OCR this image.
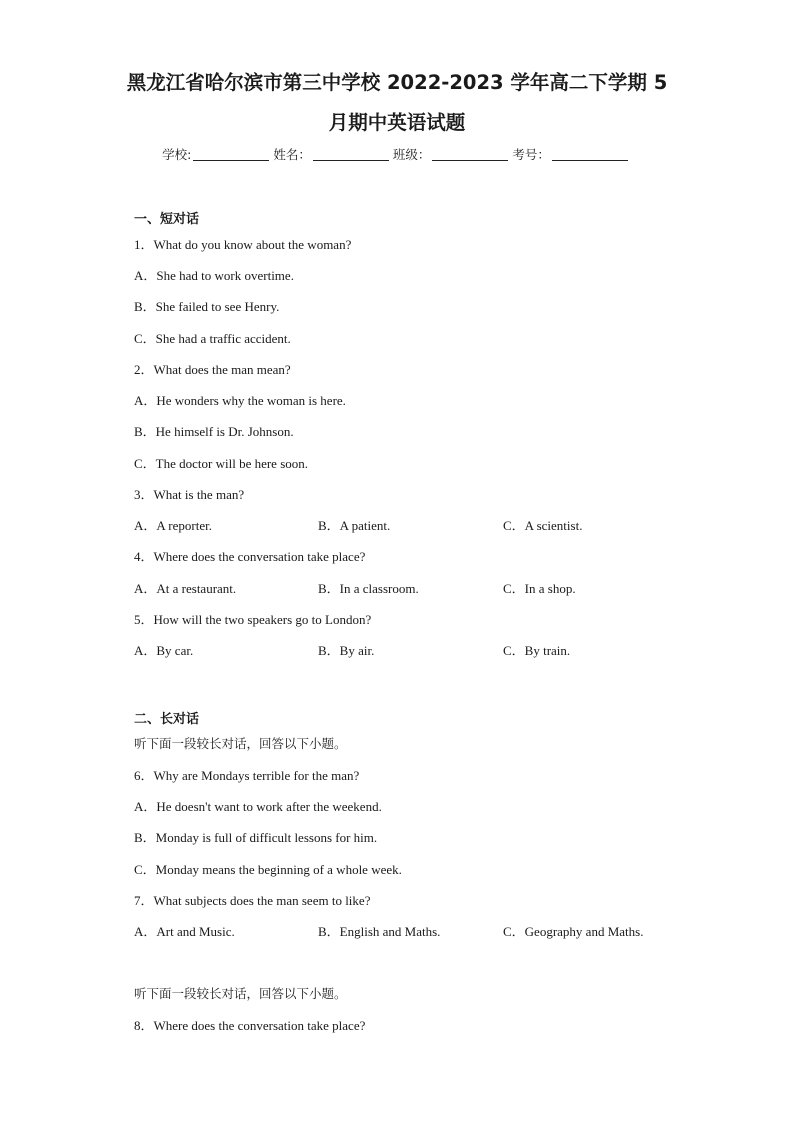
黑龙江省哈尔滨市第三中学校 2022-2023 学年高二下学期 5

月期中英语试题

学校:	姓名：	班级：	考号：
一、短对话
1．What do you know about the woman?
A．She had to work overtime.
B．She failed to see Henry.
C．She had a traffic accident.
2．What does the man mean?
A．He wonders why the woman is here.
B．He himself is Dr. Johnson.
C．The doctor will be here soon.
3．What is the man?
A．A reporter.	B．A patient.	C．A scientist.
4．Where does the conversation take place?
A．At a restaurant.	B．In a classroom.	C．In a shop.
5．How will the two speakers go to London?
A．By car.	B．By air.	C．By train.
二、长对话
听下面一段较长对话，回答以下小题。
6．Why are Mondays terrible for the man?
A．He doesn't want to work after the weekend.
B．Monday is full of difficult lessons for him.
C．Monday means the beginning of a whole week.
7．What subjects does the man seem to like?
A．Art and Music.	B．English and Maths.	C．Geography and Maths.
听下面一段较长对话，回答以下小题。
8．Where does the conversation take place?
